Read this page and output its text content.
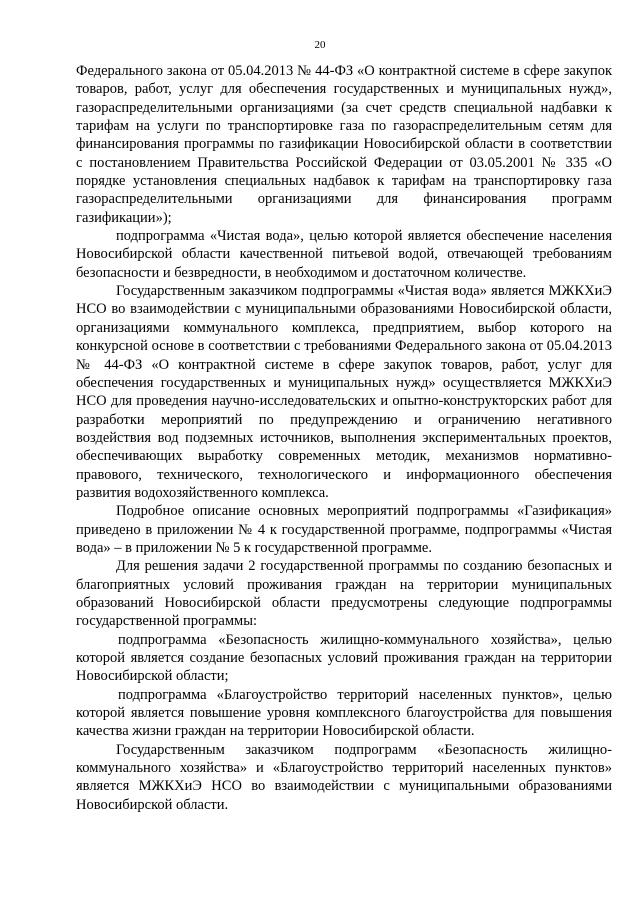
20

Федерального закона от 05.04.2013 № 44-ФЗ «О контрактной системе в сфере закупок товаров, работ, услуг для обеспечения государственных и муниципальных нужд», газораспределительными организациями (за счет средств специальной надбавки к тарифам на услуги по транспортировке газа по газораспределительным сетям для финансирования программы по газификации Новосибирской области в соответствии с постановлением Правительства Российской Федерации от 03.05.2001 № 335 «О порядке установления специальных надбавок к тарифам на транспортировку газа газораспределительными организациями для финансирования программ газификации»);

подпрограмма «Чистая вода», целью которой является обеспечение населения Новосибирской области качественной питьевой водой, отвечающей требованиям безопасности и безвредности, в необходимом и достаточном количестве.

Государственным заказчиком подпрограммы «Чистая вода» является МЖКХиЭ НСО во взаимодействии с муниципальными образованиями Новосибирской области, организациями коммунального комплекса, предприятием, выбор которого на конкурсной основе в соответствии с требованиями Федерального закона от 05.04.2013 № 44-ФЗ «О контрактной системе в сфере закупок товаров, работ, услуг для обеспечения государственных и муниципальных нужд» осуществляется МЖКХиЭ НСО для проведения научно-исследовательских и опытно-конструкторских работ для разработки мероприятий по предупреждению и ограничению негативного воздействия вод подземных источников, выполнения экспериментальных проектов, обеспечивающих выработку современных методик, механизмов нормативно-правового, технического, технологического и информационного обеспечения развития водохозяйственного комплекса.

Подробное описание основных мероприятий подпрограммы «Газификация» приведено в приложении № 4 к государственной программе, подпрограммы «Чистая вода» – в приложении № 5 к государственной программе.

Для решения задачи 2 государственной программы по созданию безопасных и благоприятных условий проживания граждан на территории муниципальных образований Новосибирской области предусмотрены следующие подпрограммы государственной программы:

подпрограмма «Безопасность жилищно-коммунального хозяйства», целью которой является создание безопасных условий проживания граждан на территории Новосибирской области;

подпрограмма «Благоустройство территорий населенных пунктов», целью которой является повышение уровня комплексного благоустройства для повышения качества жизни граждан на территории Новосибирской области.

Государственным заказчиком подпрограмм «Безопасность жилищно-коммунального хозяйства» и «Благоустройство территорий населенных пунктов» является МЖКХиЭ НСО во взаимодействии с муниципальными образованиями Новосибирской области.
